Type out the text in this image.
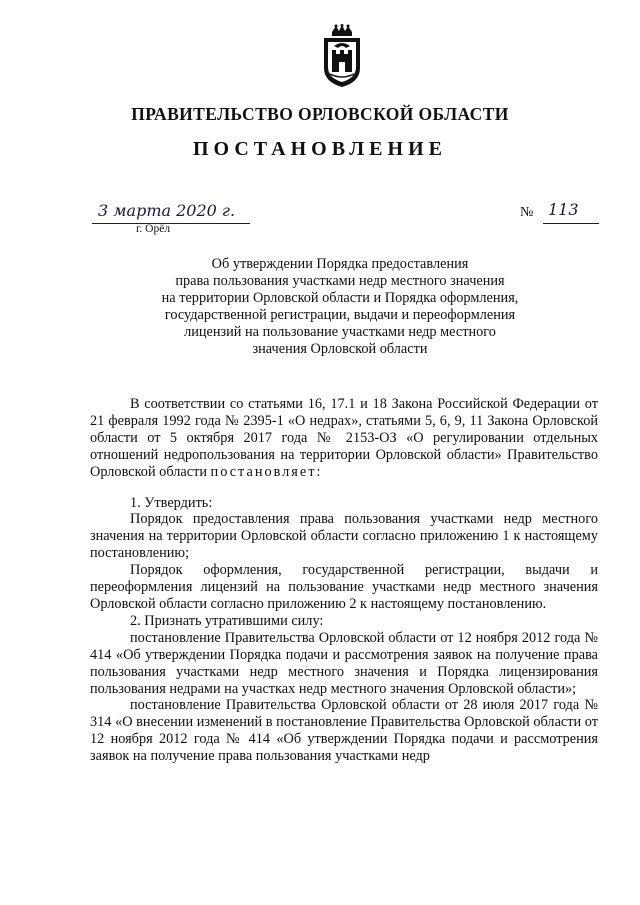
ПРАВИТЕЛЬСТВО ОРЛОВСКОЙ ОБЛАСТИ
ПОСТАНОВЛЕНИЕ
3 марта 2020 г.	№ 113
г. Орёл
Об утверждении Порядка предоставления
права пользования участками недр местного значения
на территории Орловской области и Порядка оформления,
государственной регистрации, выдачи и переоформления
лицензий на пользование участками недр местного
значения Орловской области

В соответствии со статьями 16, 17.1 и 18 Закона Российской Федерации от 21 февраля 1992 года № 2395-1 «О недрах», статьями 5, 6, 9, 11 Закона Орловской области от 5 октября 2017 года № 2153-ОЗ «О регулировании отдельных отношений недропользования на территории Орловской области» Правительство Орловской области постановляет:

1. Утвердить:

Порядок предоставления права пользования участками недр местного значения на территории Орловской области согласно приложению 1 к настоящему постановлению;

Порядок оформления, государственной регистрации, выдачи и переоформления лицензий на пользование участками недр местного значения Орловской области согласно приложению 2 к настоящему постановлению.

2. Признать утратившими силу:

постановление Правительства Орловской области от 12 ноября 2012 года № 414 «Об утверждении Порядка подачи и рассмотрения заявок на получение права пользования участками недр местного значения и Порядка лицензирования пользования недрами на участках недр местного значения Орловской области»;

постановление Правительства Орловской области от 28 июля 2017 года № 314 «О внесении изменений в постановление Правительства Орловской области от 12 ноября 2012 года № 414 «Об утверждении Порядка подачи и рассмотрения заявок на получение права пользования участками недр
